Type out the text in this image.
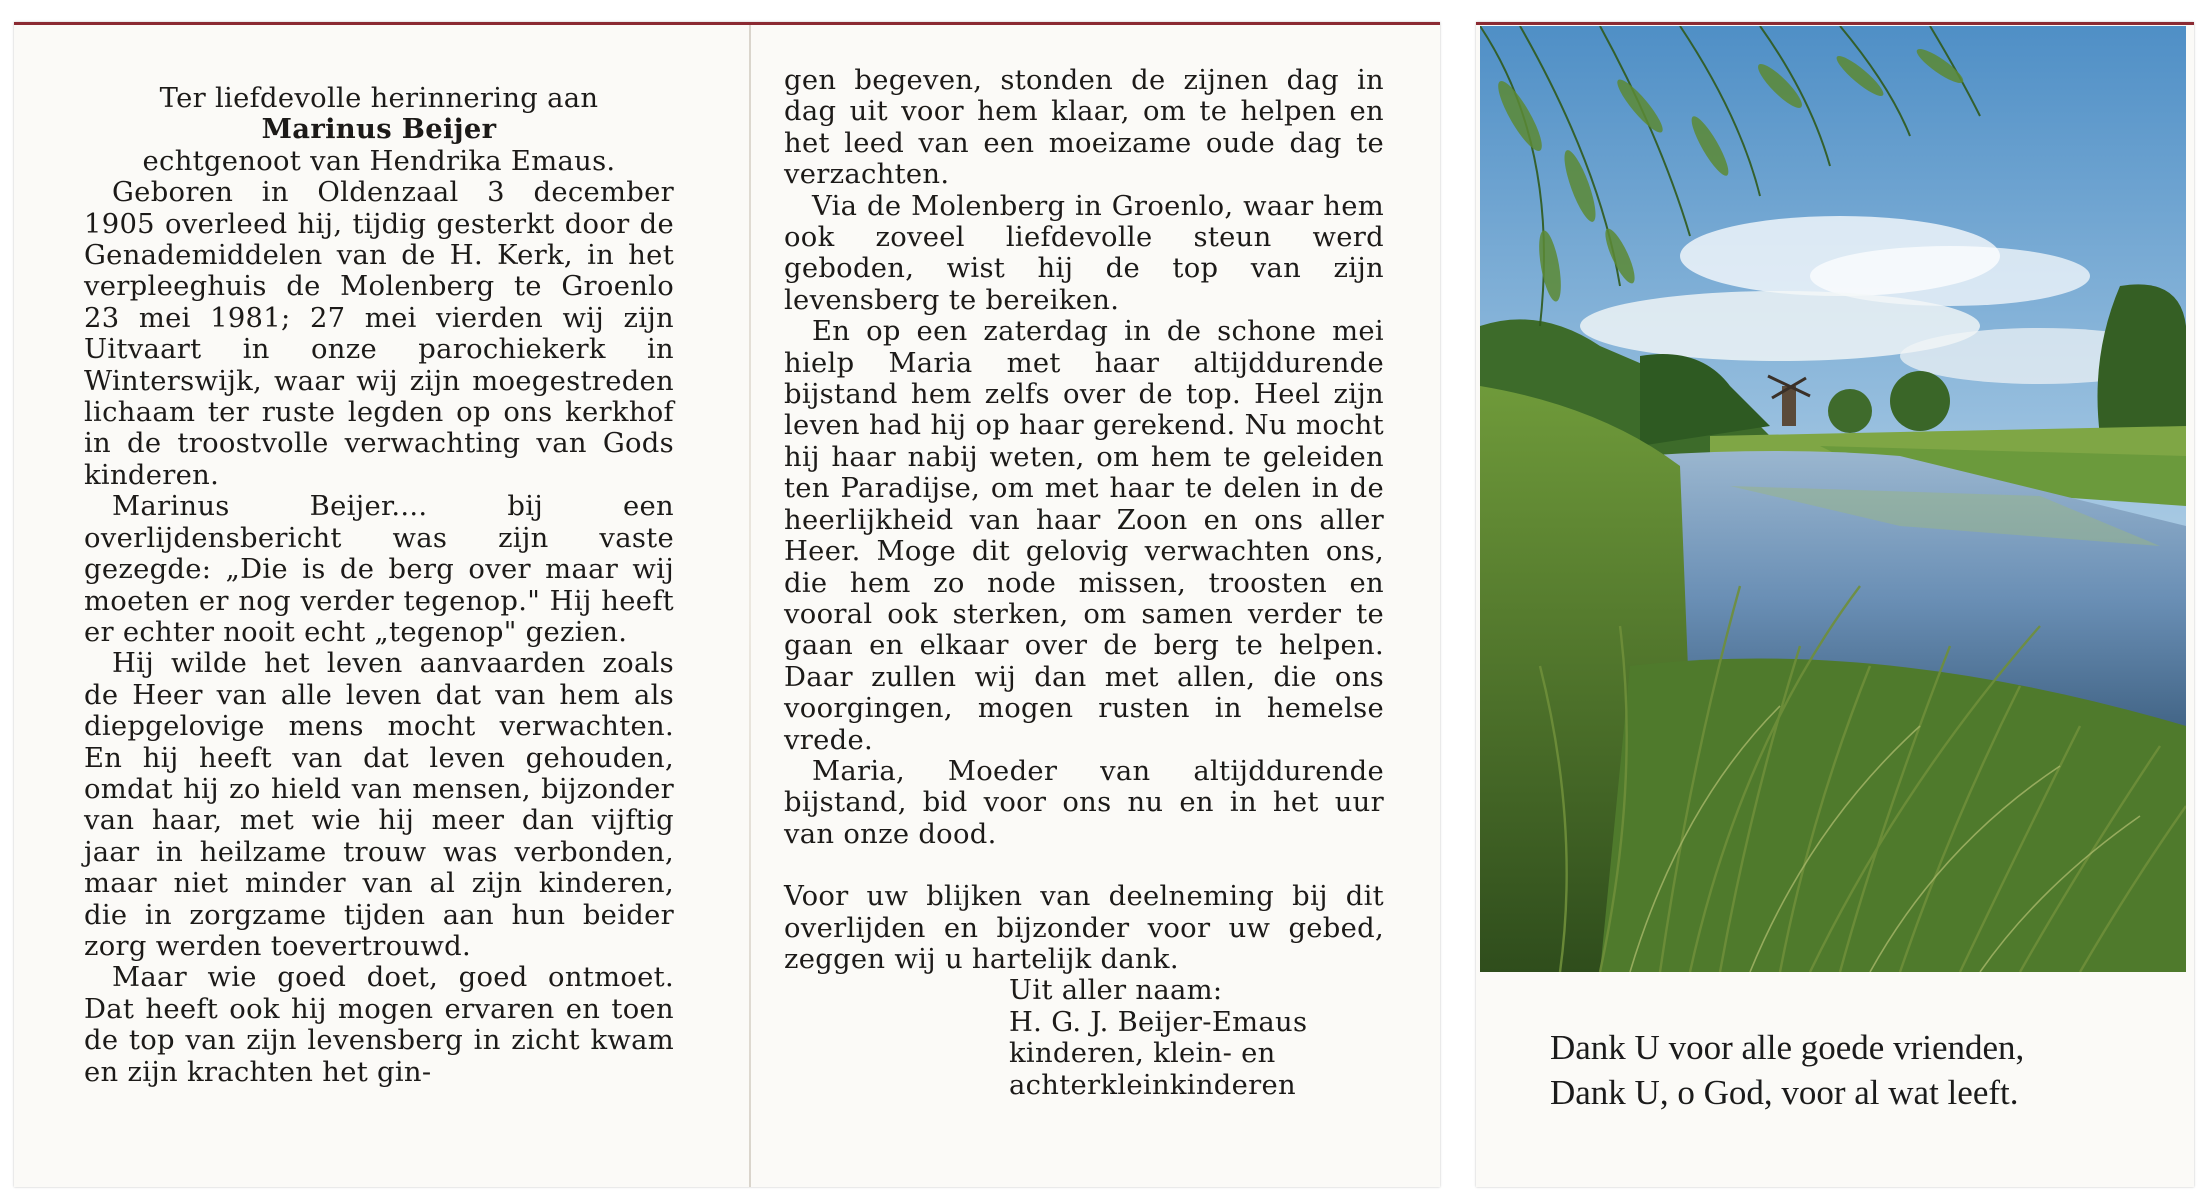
Ter liefdevolle herinnering aan
Marinus Beijer
echtgenoot van Hendrika Emaus.

Geboren in Oldenzaal 3 december 1905 overleed hij, tijdig gesterkt door de Genademiddelen van de H. Kerk, in het verpleeghuis de Molenberg te Groenlo 23 mei 1981; 27 mei vierden wij zijn Uitvaart in onze parochiekerk in Winterswijk, waar wij zijn moegestreden lichaam ter ruste legden op ons kerkhof in de troostvolle verwachting van Gods kinderen.

Marinus Beijer.... bij een overlijdensbericht was zijn vaste gezegde: „Die is de berg over maar wij moeten er nog verder tegenop." Hij heeft er echter nooit echt „tegenop" gezien.

Hij wilde het leven aanvaarden zoals de Heer van alle leven dat van hem als diepgelovige mens mocht verwachten. En hij heeft van dat leven gehouden, omdat hij zo hield van mensen, bijzonder van haar, met wie hij meer dan vijftig jaar in heilzame trouw was verbonden, maar niet minder van al zijn kinderen, die in zorgzame tijden aan hun beider zorg werden toevertrouwd.

Maar wie goed doet, goed ontmoet. Dat heeft ook hij mogen ervaren en toen de top van zijn levensberg in zicht kwam en zijn krachten het gin-

gen begeven, stonden de zijnen dag in dag uit voor hem klaar, om te helpen en het leed van een moeizame oude dag te verzachten.

Via de Molenberg in Groenlo, waar hem ook zoveel liefdevolle steun werd geboden, wist hij de top van zijn levensberg te bereiken.

En op een zaterdag in de schone mei hielp Maria met haar altijddurende bijstand hem zelfs over de top. Heel zijn leven had hij op haar gerekend. Nu mocht hij haar nabij weten, om hem te geleiden ten Paradijse, om met haar te delen in de heerlijkheid van haar Zoon en ons aller Heer. Moge dit gelovig verwachten ons, die hem zo node missen, troosten en vooral ook sterken, om samen verder te gaan en elkaar over de berg te helpen. Daar zullen wij dan met allen, die ons voorgingen, mogen rusten in hemelse vrede.

Maria, Moeder van altijddurende bijstand, bid voor ons nu en in het uur van onze dood.

Voor uw blijken van deelneming bij dit overlijden en bijzonder voor uw gebed, zeggen wij u hartelijk dank.

Uit aller naam:
H. G. J. Beijer-Emaus
kinderen, klein- en
achterkleinkinderen
Dank U voor alle goede vrienden,
Dank U, o God, voor al wat leeft.
